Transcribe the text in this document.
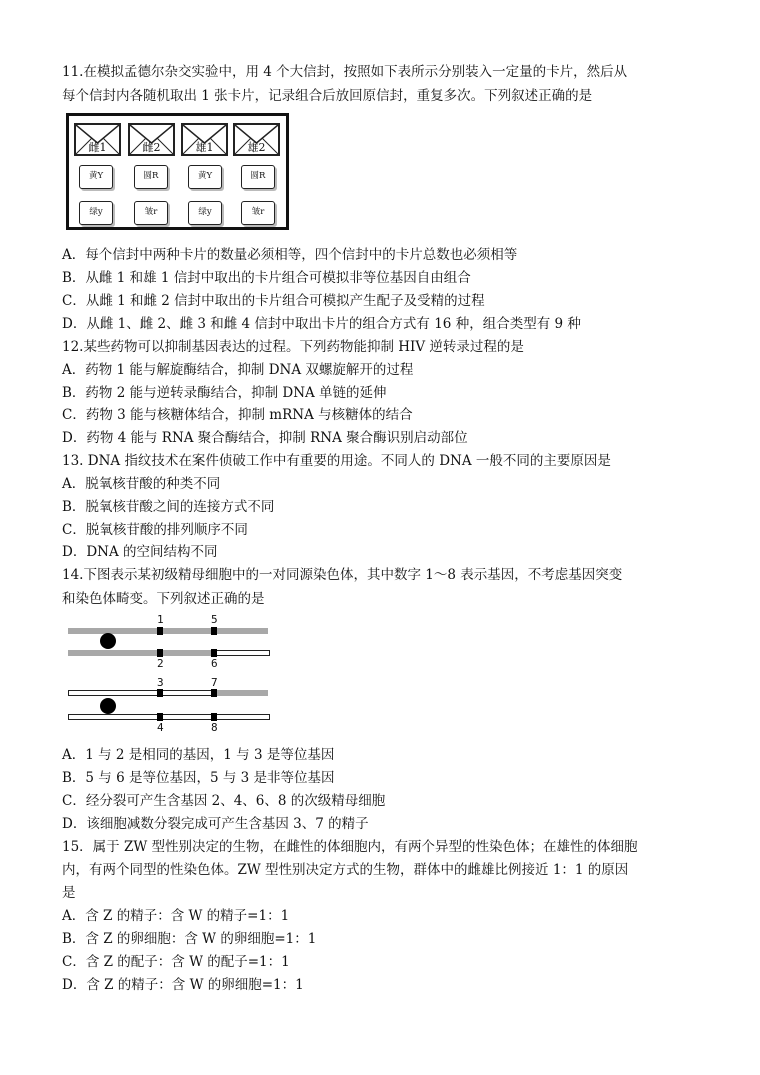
11.在模拟孟德尔杂交实验中，用 4 个大信封，按照如下表所示分别装入一定量的卡片，然后从
每个信封内各随机取出 1 张卡片，记录组合后放回原信封，重复多次。下列叙述正确的是
雌1	雌2	雄1	雄2
黄Y	圆R	黄Y	圆R
绿y	皱r	绿y	皱r
A．每个信封中两种卡片的数量必须相等，四个信封中的卡片总数也必须相等
B．从雌 1 和雄 1 信封中取出的卡片组合可模拟非等位基因自由组合
C．从雌 1 和雌 2 信封中取出的卡片组合可模拟产生配子及受精的过程
D．从雌 1、雌 2、雌 3 和雌 4 信封中取出卡片的组合方式有 16 种，组合类型有 9 种
12.某些药物可以抑制基因表达的过程。下列药物能抑制 HIV 逆转录过程的是
A．药物 1 能与解旋酶结合，抑制 DNA 双螺旋解开的过程
B．药物 2 能与逆转录酶结合，抑制 DNA 单链的延伸
C．药物 3 能与核糖体结合，抑制 mRNA 与核糖体的结合
D．药物 4 能与 RNA 聚合酶结合，抑制 RNA 聚合酶识别启动部位
13. DNA 指纹技术在案件侦破工作中有重要的用途。不同人的 DNA 一般不同的主要原因是
A．脱氧核苷酸的种类不同
B．脱氧核苷酸之间的连接方式不同
C．脱氧核苷酸的排列顺序不同
D．DNA 的空间结构不同
14.下图表示某初级精母细胞中的一对同源染色体，其中数字 1～8 表示基因，不考虑基因突变
和染色体畸变。下列叙述正确的是
1
2
5
6
3
4
7
8
A．1 与 2 是相同的基因，1 与 3 是等位基因
B．5 与 6 是等位基因，5 与 3 是非等位基因
C．经分裂可产生含基因 2、4、6、8 的次级精母细胞
D．该细胞减数分裂完成可产生含基因 3、7 的精子
15．属于 ZW 型性别决定的生物，在雌性的体细胞内，有两个异型的性染色体；在雄性的体细胞
内，有两个同型的性染色体。ZW 型性别决定方式的生物，群体中的雌雄比例接近 1：1 的原因
是
A．含 Z 的精子：含 W 的精子=1：1
B．含 Z 的卵细胞：含 W 的卵细胞=1：1
C．含 Z 的配子：含 W 的配子=1：1
D．含 Z 的精子：含 W 的卵细胞=1：1
